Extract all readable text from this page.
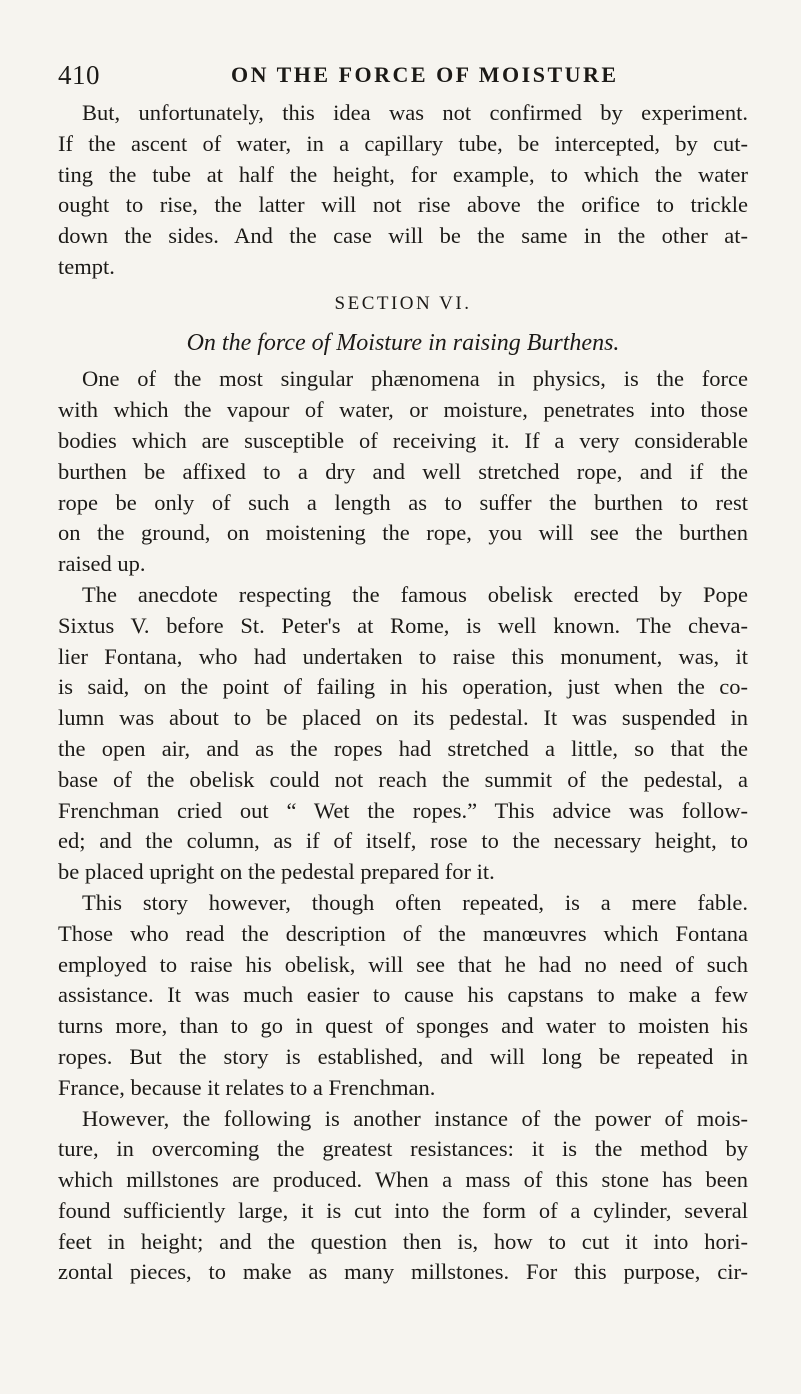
410	ON THE FORCE OF MOISTURE
But, unfortunately, this idea was not confirmed by experiment.
If the ascent of water, in a capillary tube, be intercepted, by cut-
ting the tube at half the height, for example, to which the water
ought to rise, the latter will not rise above the orifice to trickle
down the sides. And the case will be the same in the other at-
tempt.
SECTION VI.
On the force of Moisture in raising Burthens.
One of the most singular phænomena in physics, is the force
with which the vapour of water, or moisture, penetrates into those
bodies which are susceptible of receiving it. If a very considerable
burthen be affixed to a dry and well stretched rope, and if the
rope be only of such a length as to suffer the burthen to rest
on the ground, on moistening the rope, you will see the burthen
raised up.
The anecdote respecting the famous obelisk erected by Pope
Sixtus V. before St. Peter's at Rome, is well known. The cheva-
lier Fontana, who had undertaken to raise this monument, was, it
is said, on the point of failing in his operation, just when the co-
lumn was about to be placed on its pedestal. It was suspended in
the open air, and as the ropes had stretched a little, so that the
base of the obelisk could not reach the summit of the pedestal, a
Frenchman cried out “ Wet the ropes.” This advice was follow-
ed; and the column, as if of itself, rose to the necessary height, to
be placed upright on the pedestal prepared for it.
This story however, though often repeated, is a mere fable.
Those who read the description of the manœuvres which Fontana
employed to raise his obelisk, will see that he had no need of such
assistance. It was much easier to cause his capstans to make a few
turns more, than to go in quest of sponges and water to moisten his
ropes. But the story is established, and will long be repeated in
France, because it relates to a Frenchman.
However, the following is another instance of the power of mois-
ture, in overcoming the greatest resistances: it is the method by
which millstones are produced. When a mass of this stone has been
found sufficiently large, it is cut into the form of a cylinder, several
feet in height; and the question then is, how to cut it into hori-
zontal pieces, to make as many millstones. For this purpose, cir-
